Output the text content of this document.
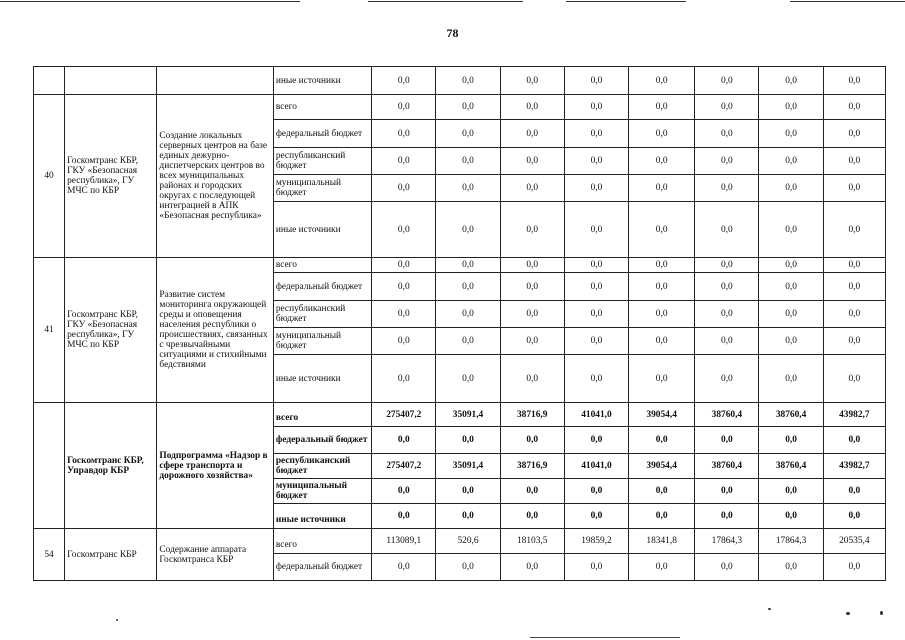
78
			иные источники	0,0	0,0	0,0	0,0	0,0	0,0	0,0	0,0
40	Госкомтранс КБР, ГКУ «Безопасная республика», ГУ МЧС по КБР	Создание локальных серверных центров на базе единых дежурно-диспетчерских центров во всех муниципальных районах и городских округах с последующей интеграцией в АПК «Безопасная республика»	всего	0,0	0,0	0,0	0,0	0,0	0,0	0,0	0,0
			федеральный бюджет	0,0	0,0	0,0	0,0	0,0	0,0	0,0	0,0
			республиканский бюджет	0,0	0,0	0,0	0,0	0,0	0,0	0,0	0,0
			муниципальный бюджет	0,0	0,0	0,0	0,0	0,0	0,0	0,0	0,0
			иные источники	0,0	0,0	0,0	0,0	0,0	0,0	0,0	0,0
41	Госкомтранс КБР, ГКУ «Безопасная республика», ГУ МЧС по КБР	Развитие систем мониторинга окружающей среды и оповещения населения республики о происшествиях, связанных с чрезвычайными ситуациями и стихийными бедствиями	всего	0,0	0,0	0,0	0,0	0,0	0,0	0,0	0,0
			федеральный бюджет	0,0	0,0	0,0	0,0	0,0	0,0	0,0	0,0
			республиканский бюджет	0,0	0,0	0,0	0,0	0,0	0,0	0,0	0,0
			муниципальный бюджет	0,0	0,0	0,0	0,0	0,0	0,0	0,0	0,0
			иные источники	0,0	0,0	0,0	0,0	0,0	0,0	0,0	0,0
	Госкомтранс КБР, Управдор КБР	Подпрограмма «Надзор в сфере транспорта и дорожного хозяйства»	всего	275407,2	35091,4	38716,9	41041,0	39054,4	38760,4	38760,4	43982,7
			федеральный бюджет	0,0	0,0	0,0	0,0	0,0	0,0	0,0	0,0
			республиканский бюджет	275407,2	35091,4	38716,9	41041,0	39054,4	38760,4	38760,4	43982,7
			муниципальный бюджет	0,0	0,0	0,0	0,0	0,0	0,0	0,0	0,0
			иные источники	0,0	0,0	0,0	0,0	0,0	0,0	0,0	0,0
54	Госкомтранс КБР	Содержание аппарата Госкомтранса КБР	всего	113089,1	520,6	18103,5	19859,2	18341,8	17864,3	17864,3	20535,4
			федеральный бюджет	0,0	0,0	0,0	0,0	0,0	0,0	0,0	0,0
